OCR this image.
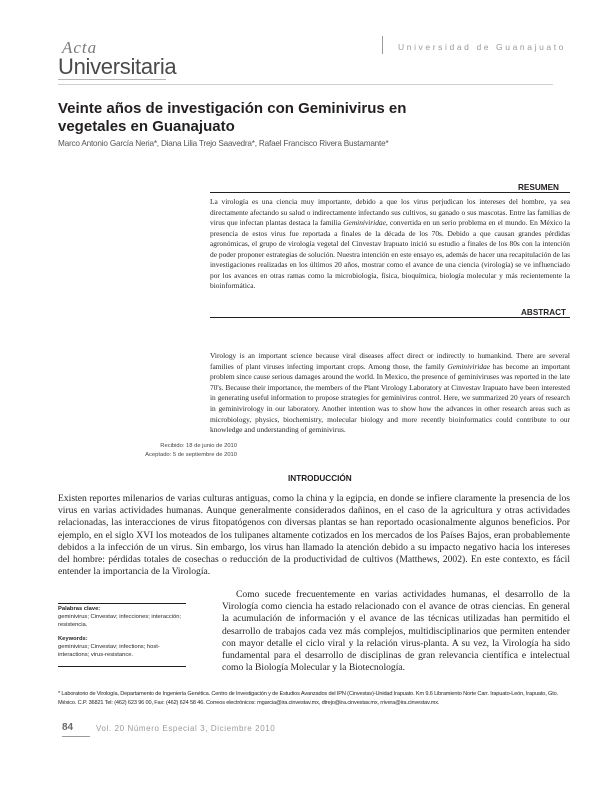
Acta
Universitaria
Universidad de Guanajuato
Veinte años de investigación con Geminivirus en vegetales en Guanajuato
Marco Antonio García Neria*, Diana Lilia Trejo Saavedra*, Rafael Francisco Rivera Bustamante*
RESUMEN
La virología es una ciencia muy importante, debido a que los virus perjudican los intereses del hombre, ya sea directamente afectando su salud o indirectamente infectando sus cultivos, su ganado o sus mascotas. Entre las familias de virus que infectan plantas destaca la familia Geminiviridae, convertida en un serio problema en el mundo. En México la presencia de estos virus fue reportada a finales de la década de los 70s. Debido a que causan grandes pérdidas agronómicas, el grupo de virología vegetal del Cinvestav Irapuato inició su estudio a finales de los 80s con la intención de poder proponer estrategias de solución. Nuestra intención en este ensayo es, además de hacer una recapitulación de las investigaciones realizadas en los últimos 20 años, mostrar como el avance de una ciencia (virología) se ve influenciado por los avances en otras ramas como la microbiología, física, bioquímica, biología molecular y más recientemente la bioinformática.
ABSTRACT
Virology is an important science because viral diseases affect direct or indirectly to humankind. There are several families of plant viruses infecting important crops. Among those, the family Geminiviridae has become an important problem since cause serious damages around the world. In Mexico, the presence of geminiviruses was reported in the late 70's. Because their importance, the members of the Plant Virology Laboratory at Cinvestav Irapuato have been interested in generating useful information to propose strategies for geminivirus control. Here, we summarized 20 years of research in geminivirology in our laboratory. Another intention was to show how the advances in other research areas such as microbiology, physics, biochemistry, molecular biology and more recently bioinformatics could contribute to our knowledge and understanding of geminivirus.
Recibido: 18 de junio de 2010
Aceptado: 5 de septiembre de 2010
INTRODUCCIÓN
Existen reportes milenarios de varias culturas antiguas, como la china y la egipcia, en donde se infiere claramente la presencia de los virus en varias actividades humanas. Aunque generalmente considerados dañinos, en el caso de la agricultura y otras actividades relacionadas, las interacciones de virus fitopatógenos con diversas plantas se han reportado ocasionalmente algunos beneficios. Por ejemplo, en el siglo XVI los moteados de los tulipanes altamente cotizados en los mercados de los Países Bajos, eran probablemente debidos a la infección de un virus. Sin embargo, los virus han llamado la atención debido a su impacto negativo hacia los intereses del hombre: pérdidas totales de cosechas o reducción de la productividad de cultivos (Matthews, 2002). En este contexto, es fácil entender la importancia de la Virología.
Como sucede frecuentemente en varias actividades humanas, el desarrollo de la Virología como ciencia ha estado relacionado con el avance de otras ciencias. En general la acumulación de información y el avance de las técnicas utilizadas han permitido el desarrollo de trabajos cada vez más complejos, multidisciplinarios que permiten entender con mayor detalle el ciclo viral y la relación virus-planta. A su vez, la Virología ha sido fundamental para el desarrollo de disciplinas de gran relevancia científica e intelectual como la Biología Molecular y la Biotecnología.
Palabras clave:
geminivirus; Cinvestav; infecciones; interacción; resistencia.
Keywords:
geminivirus; Cinvestav; infections; host-interactions; virus-resistance.
* Laboratorio de Virología, Departamento de Ingeniería Genética. Centro de Investigación y de Estudios Avanzados del IPN (Cinvestav)-Unidad Irapuato. Km 9.6 Libramiento Norte Carr. Irapuato-León, Irapuato, Gto. México. C.P. 36821 Tel: (462) 623 96 00, Fax: (462) 624 58 46. Correos electrónicos: mgarcia@ira.cinvestav.mx, dtrejo@ira.cinvestav.mx, rrivera@ira.cinvestav.mx.
84	Vol. 20 Número Especial 3, Diciembre 2010
